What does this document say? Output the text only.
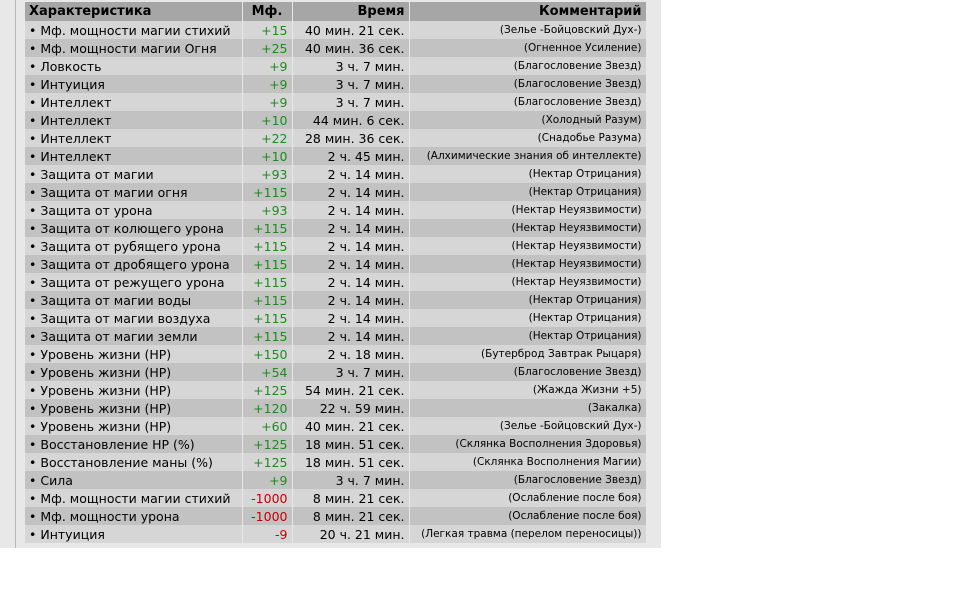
Характеристика	Мф.	Время	Комментарий
• Мф. мощности магии стихий	+15	40 мин. 21 сек.	(Зелье -Бойцовский Дух-)
• Мф. мощности магии Огня	+25	40 мин. 36 сек.	(Огненное Усиление)
• Ловкость	+9	3 ч. 7 мин.	(Благословение Звезд)
• Интуиция	+9	3 ч. 7 мин.	(Благословение Звезд)
• Интеллект	+9	3 ч. 7 мин.	(Благословение Звезд)
• Интеллект	+10	44 мин. 6 сек.	(Холодный Разум)
• Интеллект	+22	28 мин. 36 сек.	(Снадобье Разума)
• Интеллект	+10	2 ч. 45 мин.	(Алхимические знания об интеллекте)
• Защита от магии	+93	2 ч. 14 мин.	(Нектар Отрицания)
• Защита от магии огня	+115	2 ч. 14 мин.	(Нектар Отрицания)
• Защита от урона	+93	2 ч. 14 мин.	(Нектар Неуязвимости)
• Защита от колющего урона	+115	2 ч. 14 мин.	(Нектар Неуязвимости)
• Защита от рубящего урона	+115	2 ч. 14 мин.	(Нектар Неуязвимости)
• Защита от дробящего урона	+115	2 ч. 14 мин.	(Нектар Неуязвимости)
• Защита от режущего урона	+115	2 ч. 14 мин.	(Нектар Неуязвимости)
• Защита от магии воды	+115	2 ч. 14 мин.	(Нектар Отрицания)
• Защита от магии воздуха	+115	2 ч. 14 мин.	(Нектар Отрицания)
• Защита от магии земли	+115	2 ч. 14 мин.	(Нектар Отрицания)
• Уровень жизни (HP)	+150	2 ч. 18 мин.	(Бутерброд Завтрак Рыцаря)
• Уровень жизни (HP)	+54	3 ч. 7 мин.	(Благословение Звезд)
• Уровень жизни (HP)	+125	54 мин. 21 сек.	(Жажда Жизни +5)
• Уровень жизни (HP)	+120	22 ч. 59 мин.	(Закалка)
• Уровень жизни (HP)	+60	40 мин. 21 сек.	(Зелье -Бойцовский Дух-)
• Восстановление HP (%)	+125	18 мин. 51 сек.	(Склянка Восполнения Здоровья)
• Восстановление маны (%)	+125	18 мин. 51 сек.	(Склянка Восполнения Магии)
• Сила	+9	3 ч. 7 мин.	(Благословение Звезд)
• Мф. мощности магии стихий	-1000	8 мин. 21 сек.	(Ослабление после боя)
• Мф. мощности урона	-1000	8 мин. 21 сек.	(Ослабление после боя)
• Интуиция	-9	20 ч. 21 мин.	(Легкая травма (перелом переносицы))
